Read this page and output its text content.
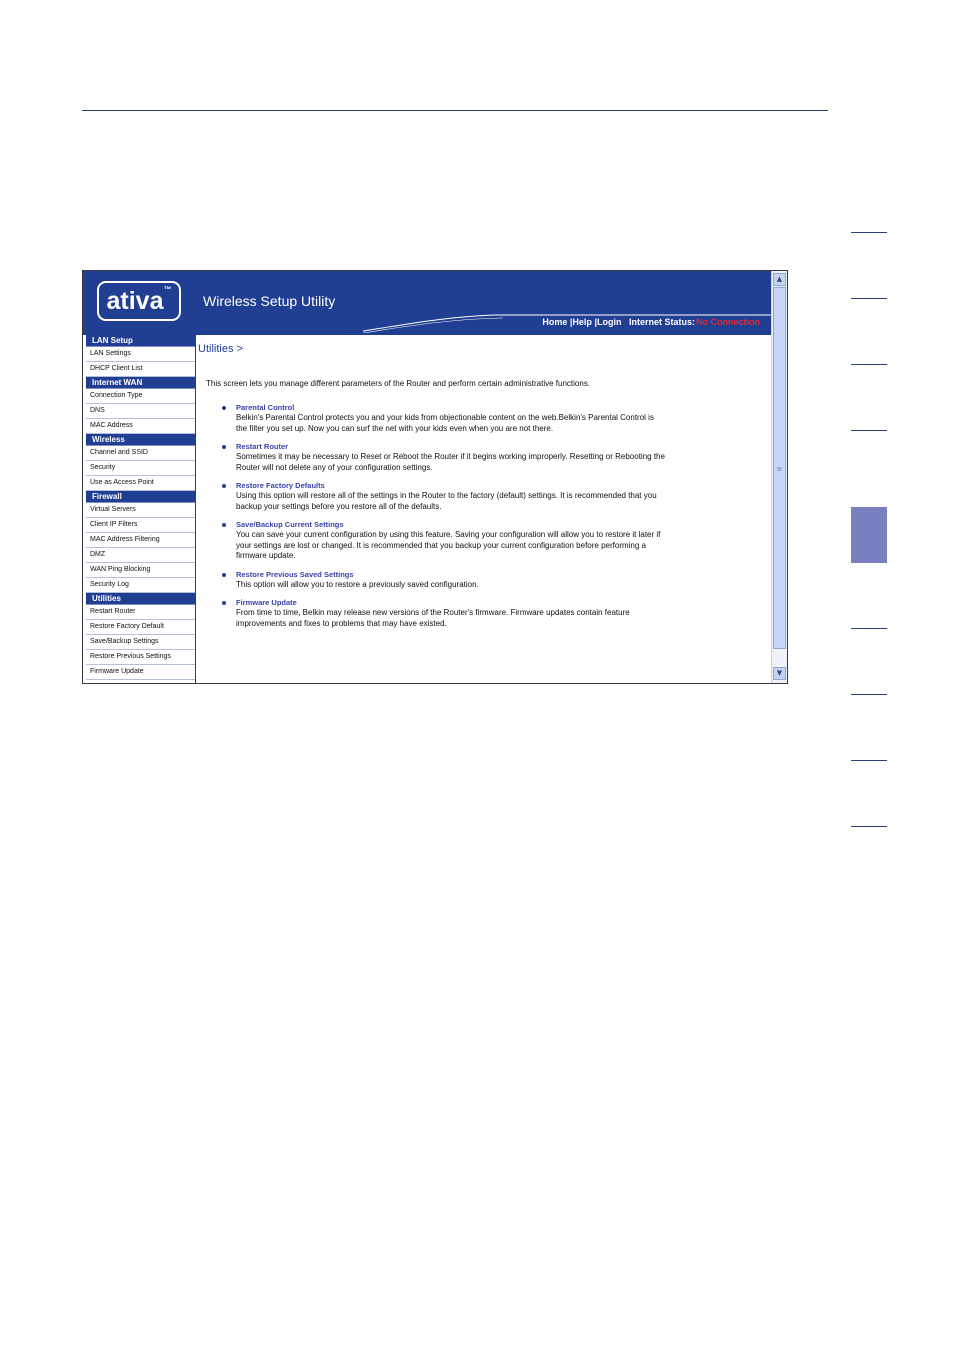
ativa™
Wireless Setup Utility
Home |Help |Login Internet Status:No Connection
LAN Setup
LAN Settings
DHCP Client List
Internet WAN
Connection Type
DNS
MAC Address
Wireless
Channel and SSID
Security
Use as Access Point
Firewall
Virtual Servers
Client IP Filters
MAC Address Filtering
DMZ
WAN Ping Blocking
Security Log
Utilities
Restart Router
Restore Factory Default
Save/Backup Settings
Restore Previous Settings
Firmware Update
Utilities >
This screen lets you manage different parameters of the Router and perform certain administrative functions.
Parental Control
Belkin's Parental Control protects you and your kids from objectionable content on the web.Belkin's Parental Control is the filter you set up. Now you can surf the net with your kids even when you are not there.
Restart Router
Sometimes it may be necessary to Reset or Reboot the Router if it begins working improperly. Resetting or Rebooting the Router will not delete any of your configuration settings.
Restore Factory Defaults
Using this option will restore all of the settings in the Router to the factory (default) settings. It is recommended that you backup your settings before you restore all of the defaults.
Save/Backup Current Settings
You can save your current configuration by using this feature. Saving your configuration will allow you to restore it later if your settings are lost or changed. It is recommended that you backup your current configuration before performing a firmware update.
Restore Previous Saved Settings
This option will allow you to restore a previously saved configuration.
Firmware Update
From time to time, Belkin may release new versions of the Router's firmware. Firmware updates contain feature improvements and fixes to problems that may have existed.
▲
≡
▼
